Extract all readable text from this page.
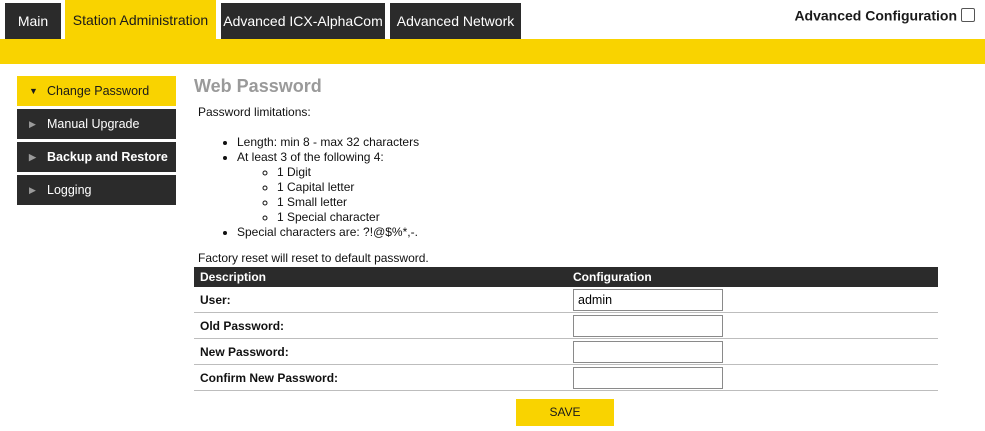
Main	Station Administration	Advanced ICX-AlphaCom Advanced Network	Advanced Configuration
▼ Change Password
▶ Manual Upgrade
▶ Backup and Restore
▶ Logging
Web Password
Password limitations:
• Length: min 8 - max 32 characters
• At least 3 of the following 4:
◦ 1 Digit
◦ 1 Capital letter
◦ 1 Small letter
◦ 1 Special character
• Special characters are: ?!@$%*,-.
Factory reset will reset to default password.
Description	Configuration
User:	admin
Old Password:	
New Password:	
Confirm New Password:	
SAVE
